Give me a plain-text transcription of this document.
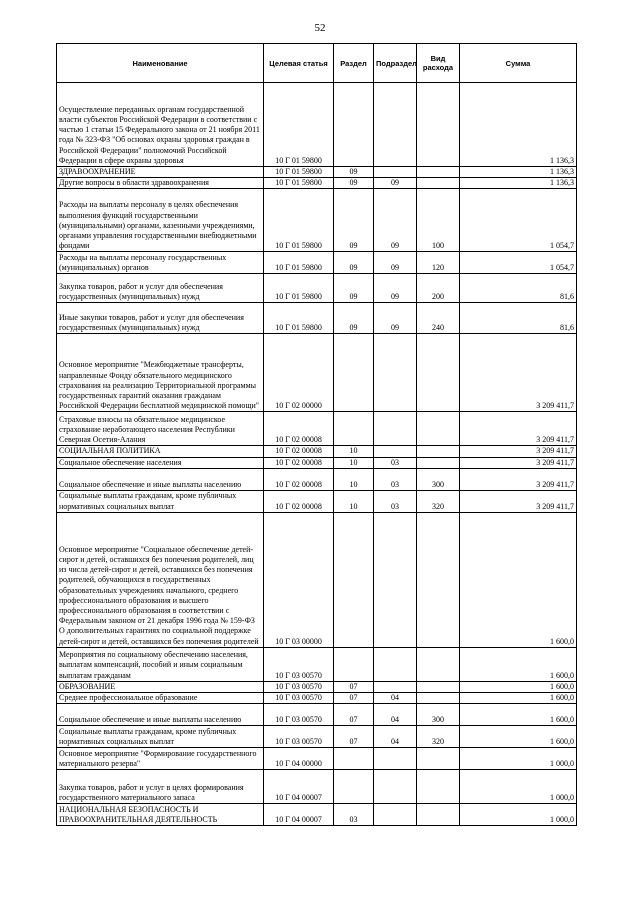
52
Наименование	Целевая статья	Раздел	Подраздел	Вид расхода	Сумма
Осуществление переданных органам государственной власти субъектов Российской Федерации в соответствии с частью 1 статьи 15 Федерального закона от 21 ноября 2011 года № 323-ФЗ "Об основах охраны здоровья граждан в Российской Федерации" полномочий Российской Федерации в сфере охраны здоровья	10 Г 01 59800				1 136,3
ЗДРАВООХРАНЕНИЕ	10 Г 01 59800	09			1 136,3
Другие вопросы в области здравоохранения	10 Г 01 59800	09	09		1 136,3
Расходы на выплаты персоналу в целях обеспечения выполнения функций государственными (муниципальными) органами, казенными учреждениями, органами управления государственными внебюджетными фондами	10 Г 01 59800	09	09	100	1 054,7
Расходы на выплаты персоналу государственных (муниципальных) органов	10 Г 01 59800	09	09	120	1 054,7
Закупка товаров, работ и услуг для обеспечения государственных (муниципальных) нужд	10 Г 01 59800	09	09	200	81,6
Иные закупки товаров, работ и услуг для обеспечения государственных (муниципальных) нужд	10 Г 01 59800	09	09	240	81,6
Основное мероприятие "Межбюджетные трансферты, направленные Фонду обязательного медицинского страхования на реализацию Территориальной программы государственных гарантий оказания гражданам Российской Федерации бесплатной медицинской помощи"	10 Г 02 00000				3 209 411,7
Страховые взносы на обязательное медицинское страхование неработающего населения Республики Северная Осетия-Алания	10 Г 02 00008				3 209 411,7
СОЦИАЛЬНАЯ ПОЛИТИКА	10 Г 02 00008	10			3 209 411,7
Социальное обеспечение населения	10 Г 02 00008	10	03		3 209 411,7
Социальное обеспечение и иные выплаты населению	10 Г 02 00008	10	03	300	3 209 411,7
Социальные выплаты гражданам, кроме публичных нормативных социальных выплат	10 Г 02 00008	10	03	320	3 209 411,7
Основное мероприятие "Социальное обеспечение детей-сирот и детей, оставшихся без попечения родителей, лиц из числа детей-сирот и детей, оставшихся без попечения родителей, обучающихся в государственных образовательных учреждениях начального, среднего профессионального образования и высшего профессионального образования в соответствии с Федеральным законом от 21 декабря 1996 года № 159-ФЗ О дополнительных гарантиях по социальной поддержке детей-сирот и детей, оставшихся без попечения родителей	10 Г 03 00000				1 600,0
Мероприятия по социальному обеспечению населения, выплатам компенсаций, пособий и иным социальным выплатам гражданам	10 Г 03 00570				1 600,0
ОБРАЗОВАНИЕ	10 Г 03 00570	07			1 600,0
Среднее профессиональное образование	10 Г 03 00570	07	04		1 600,0
Социальное обеспечение и иные выплаты населению	10 Г 03 00570	07	04	300	1 600,0
Социальные выплаты гражданам, кроме публичных нормативных социальных выплат	10 Г 03 00570	07	04	320	1 600,0
Основное мероприятие "Формирование государственного материального резерва"	10 Г 04 00000				1 000,0
Закупка товаров, работ и услуг в целях формирования государственного материального запаса	10 Г 04 00007				1 000,0
НАЦИОНАЛЬНАЯ БЕЗОПАСНОСТЬ И ПРАВООХРАНИТЕЛЬНАЯ ДЕЯТЕЛЬНОСТЬ	10 Г 04 00007	03			1 000,0
